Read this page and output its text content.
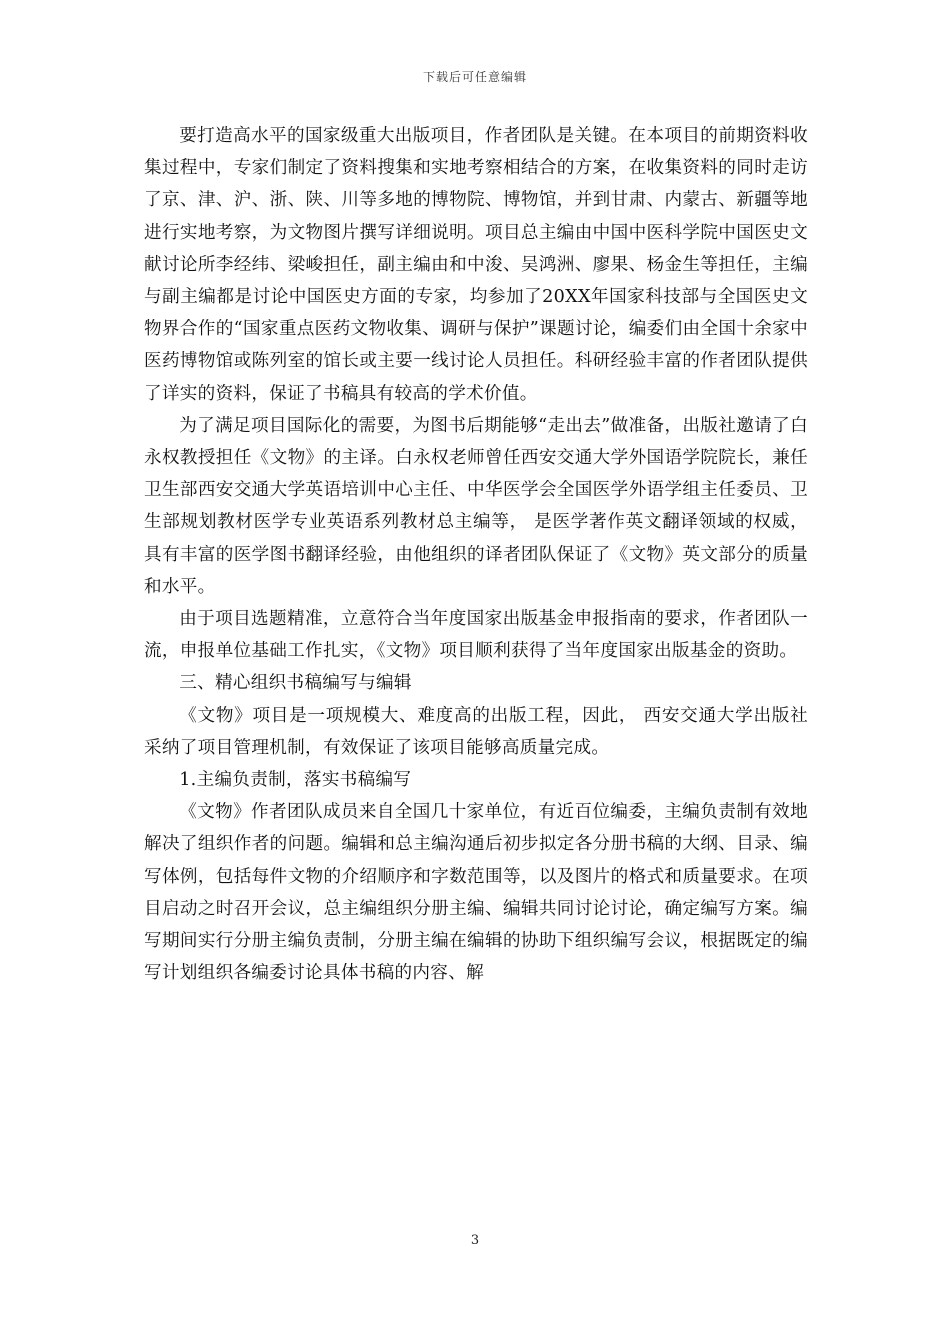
下载后可任意编辑

要打造高水平的国家级重大出版项目，作者团队是关键。在本项目的前期资料收集过程中，专家们制定了资料搜集和实地考察相结合的方案，在收集资料的同时走访了京、津、沪、浙、陕、川等多地的博物院、博物馆，并到甘肃、内蒙古、新疆等地进行实地考察，为文物图片撰写详细说明。项目总主编由中国中医科学院中国医史文献讨论所李经纬、梁峻担任，副主编由和中浚、吴鸿洲、廖果、杨金生等担任，主编与副主编都是讨论中国医史方面的专家，均参加了20XX年国家科技部与全国医史文物界合作的“国家重点医药文物收集、调研与保护”课题讨论，编委们由全国十余家中医药博物馆或陈列室的馆长或主要一线讨论人员担任。科研经验丰富的作者团队提供了详实的资料，保证了书稿具有较高的学术价值。

为了满足项目国际化的需要，为图书后期能够“走出去”做准备，出版社邀请了白永权教授担任《文物》的主译。白永权老师曾任西安交通大学外国语学院院长，兼任卫生部西安交通大学英语培训中心主任、中华医学会全国医学外语学组主任委员、卫生部规划教材医学专业英语系列教材总主编等， 是医学著作英文翻译领域的权威，具有丰富的医学图书翻译经验，由他组织的译者团队保证了《文物》英文部分的质量和水平。

由于项目选题精准，立意符合当年度国家出版基金申报指南的要求，作者团队一流，申报单位基础工作扎实，《文物》项目顺利获得了当年度国家出版基金的资助。

三、精心组织书稿编写与编辑

《文物》项目是一项规模大、难度高的出版工程，因此， 西安交通大学出版社采纳了项目管理机制，有效保证了该项目能够高质量完成。

1.主编负责制，落实书稿编写

《文物》作者团队成员来自全国几十家单位，有近百位编委，主编负责制有效地解决了组织作者的问题。编辑和总主编沟通后初步拟定各分册书稿的大纲、目录、编写体例，包括每件文物的介绍顺序和字数范围等，以及图片的格式和质量要求。在项目启动之时召开会议，总主编组织分册主编、编辑共同讨论讨论，确定编写方案。编写期间实行分册主编负责制，分册主编在编辑的协助下组织编写会议，根据既定的编写计划组织各编委讨论具体书稿的内容、解

3
